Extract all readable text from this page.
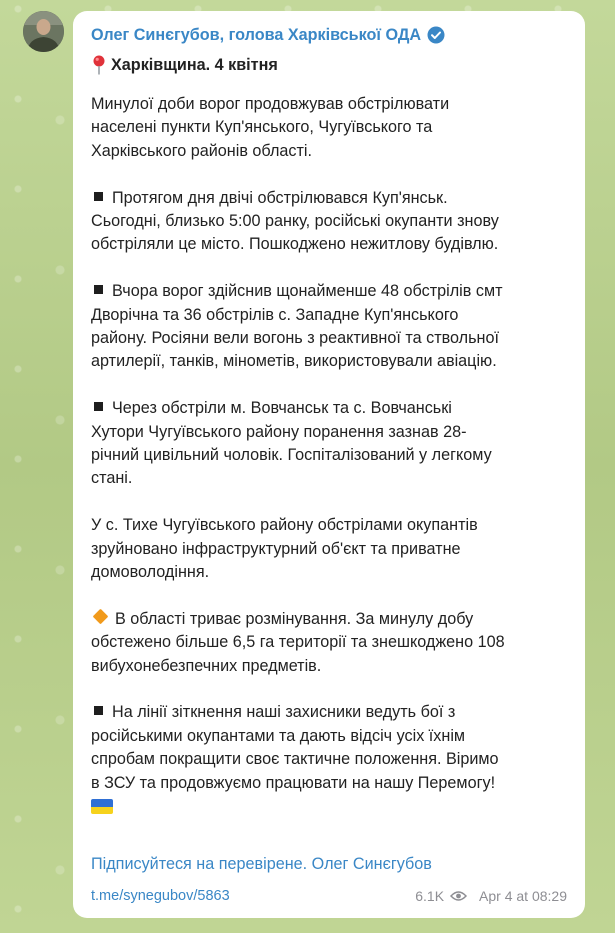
Олег Синєгубов, голова Харківської ОДА
Харківщина. 4 квітня

Минулої доби ворог продовжував обстрілювати
населені пункти Куп'янського, Чугуївського та
Харківського районів області.

Протягом дня двічі обстрілювався Куп'янськ.
Сьогодні, близько 5:00 ранку, російські окупанти знову
обстріляли це місто. Пошкоджено нежитлову будівлю.

Вчора ворог здійснив щонайменше 48 обстрілів смт
Дворічна та 36 обстрілів с. Западне Куп'янського
району. Росіяни вели вогонь з реактивної та ствольної
артилерії, танків, мінометів, використовували авіацію.

Через обстріли м. Вовчанськ та с. Вовчанські
Хутори Чугуївського району поранення зазнав 28-
річний цивільний чоловік. Госпіталізований у легкому
стані.

У с. Тихе Чугуївського району обстрілами окупантів
зруйновано інфраструктурний об'єкт та приватне
домоволодіння.

В області триває розмінування. За минулу добу
обстежено більше 6,5 га території та знешкоджено 108
вибухонебезпечних предметів.

На лінії зіткнення наші захисники ведуть бої з
російськими окупантами та дають відсіч усіх їхнім
спробам покращити своє тактичне положення. Віримо
в ЗСУ та продовжуємо працювати на нашу Перемогу!

Підписуйтеся на перевірене. Олег Синєгубов
t.me/synegubov/5863	6.1K	Apr 4 at 08:29
